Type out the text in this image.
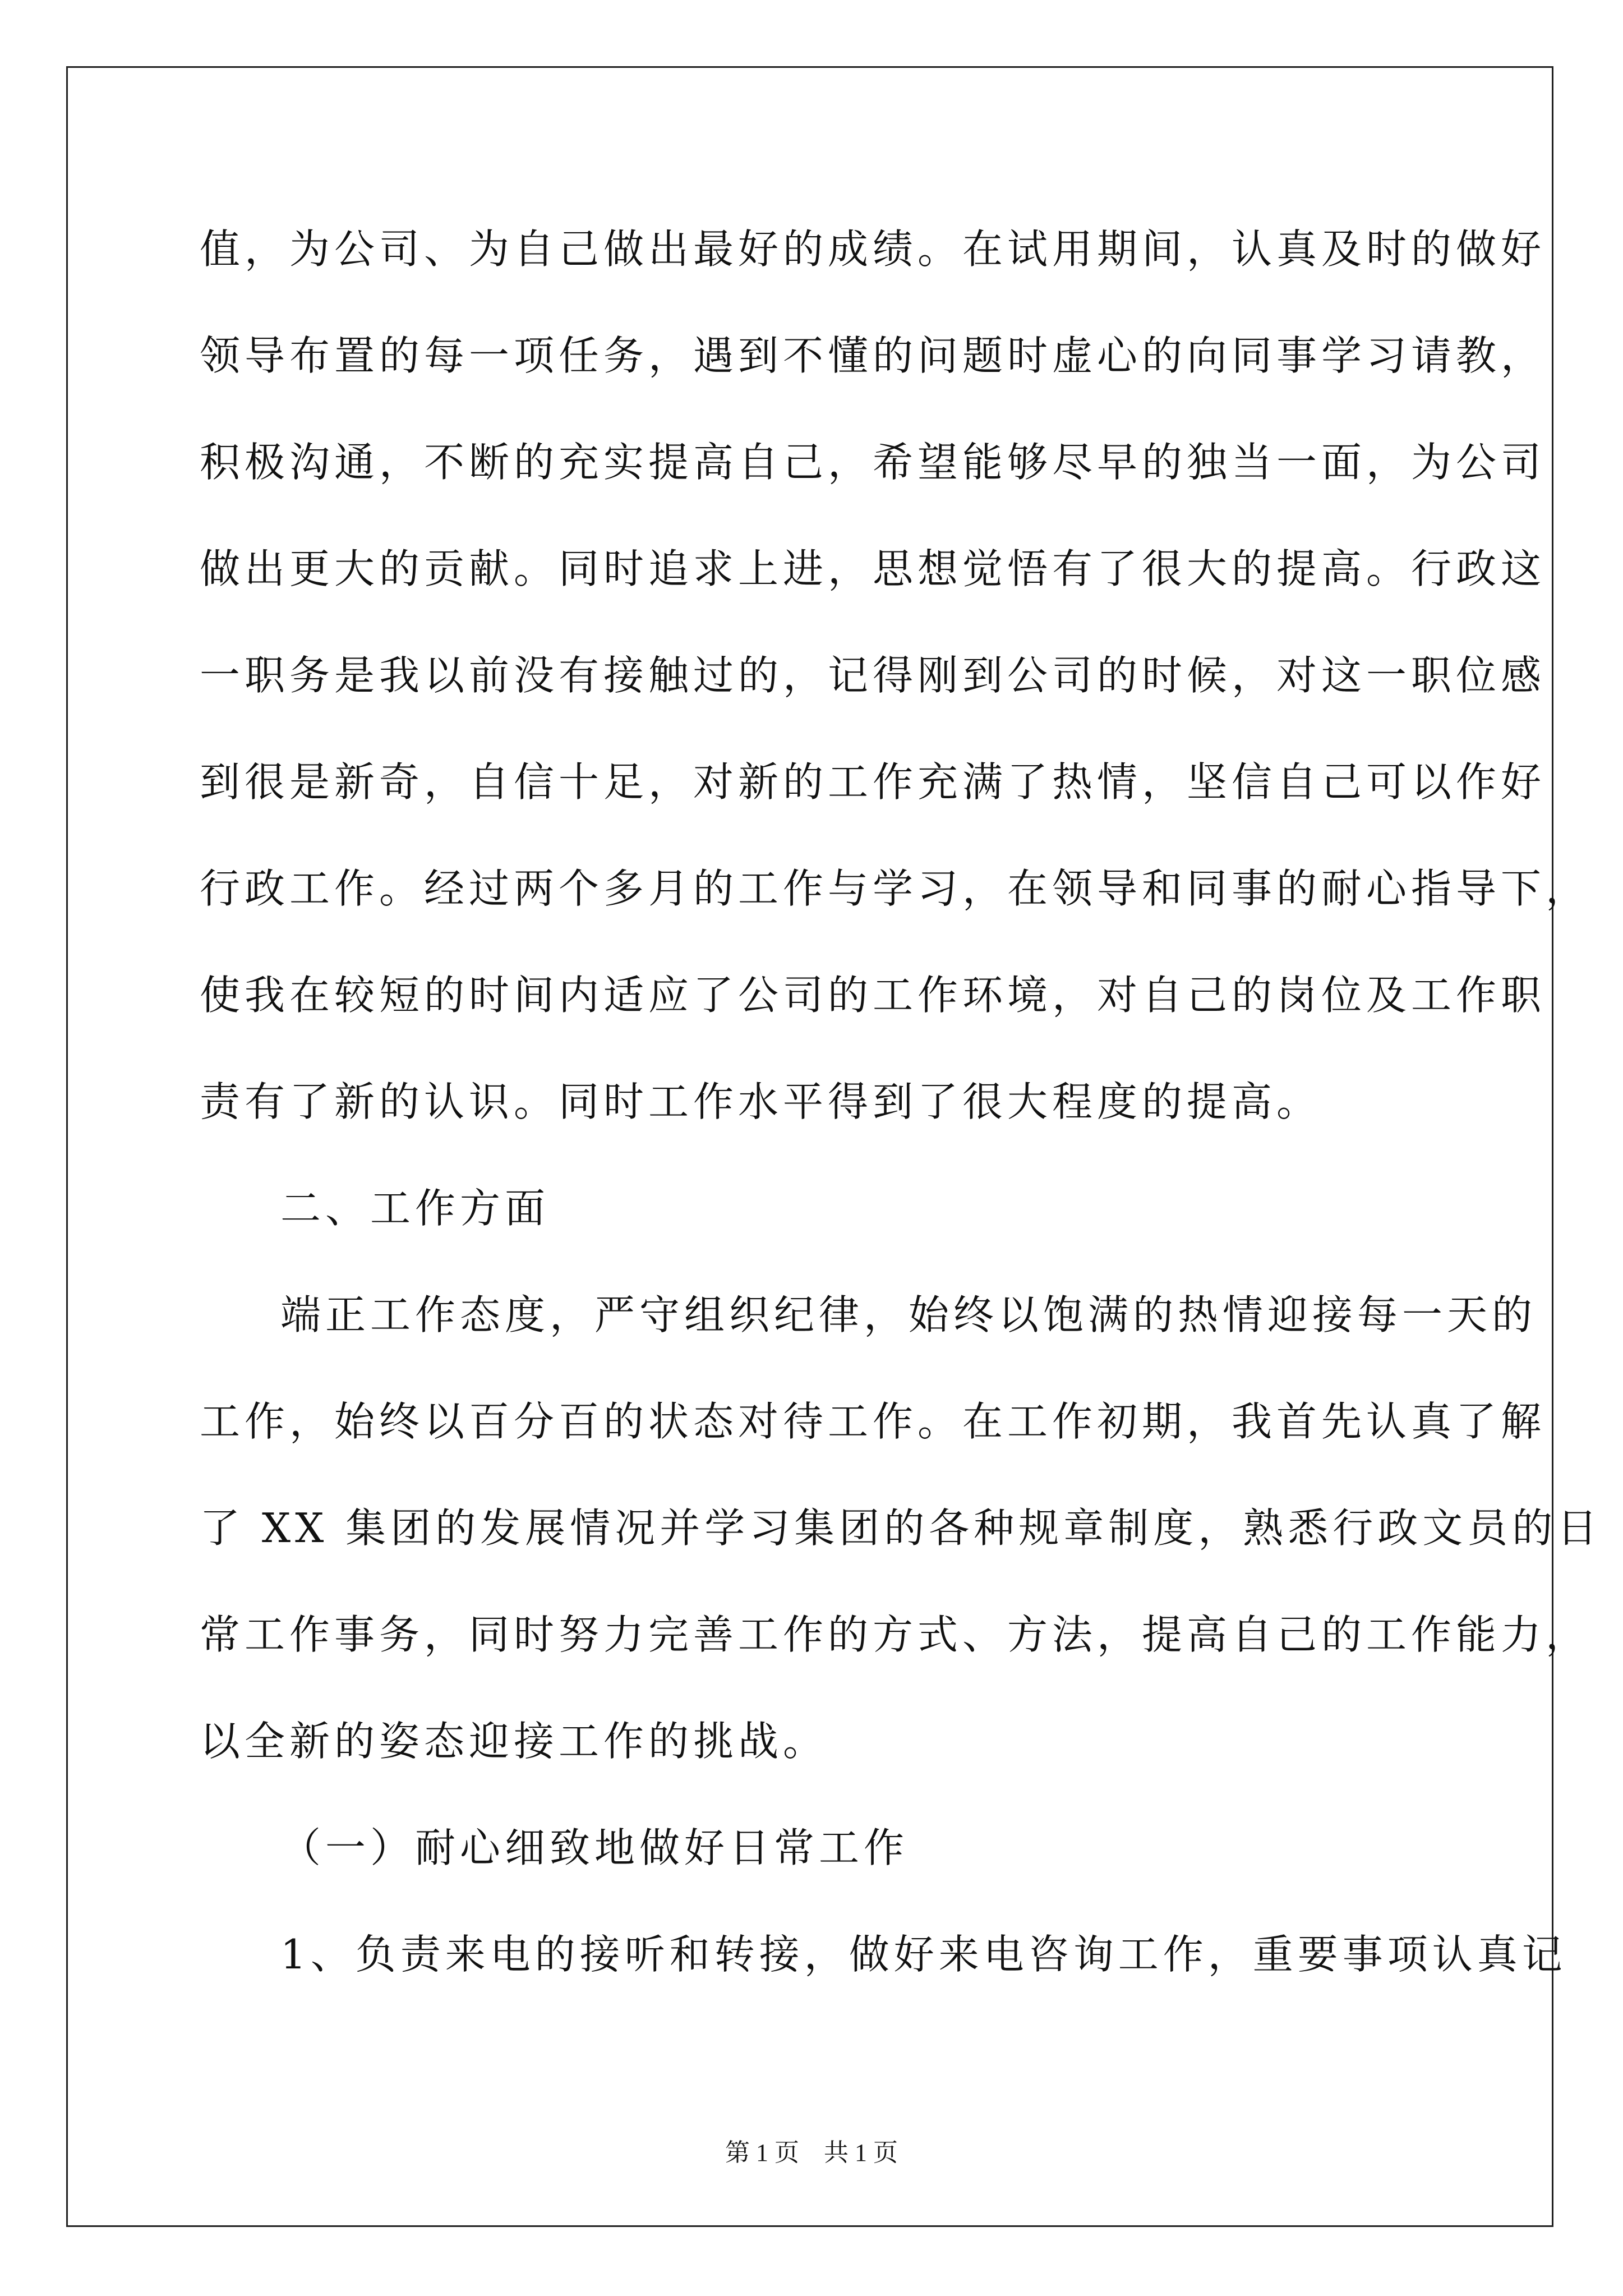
值，为公司、为自己做出最好的成绩。在试用期间，认真及时的做好
领导布置的每一项任务，遇到不懂的问题时虚心的向同事学习请教，
积极沟通，不断的充实提高自己，希望能够尽早的独当一面，为公司
做出更大的贡献。同时追求上进，思想觉悟有了很大的提高。行政这
一职务是我以前没有接触过的，记得刚到公司的时候，对这一职位感
到很是新奇，自信十足，对新的工作充满了热情，坚信自己可以作好
行政工作。经过两个多月的工作与学习，在领导和同事的耐心指导下，
使我在较短的时间内适应了公司的工作环境，对自己的岗位及工作职
责有了新的认识。同时工作水平得到了很大程度的提高。
二、工作方面
端正工作态度，严守组织纪律，始终以饱满的热情迎接每一天的
工作，始终以百分百的状态对待工作。在工作初期，我首先认真了解
了 XX 集团的发展情况并学习集团的各种规章制度，熟悉行政文员的日
常工作事务，同时努力完善工作的方式、方法，提高自己的工作能力，
以全新的姿态迎接工作的挑战。
（一）耐心细致地做好日常工作
1、负责来电的接听和转接，做好来电咨询工作，重要事项认真记
第 1 页　共 1 页
